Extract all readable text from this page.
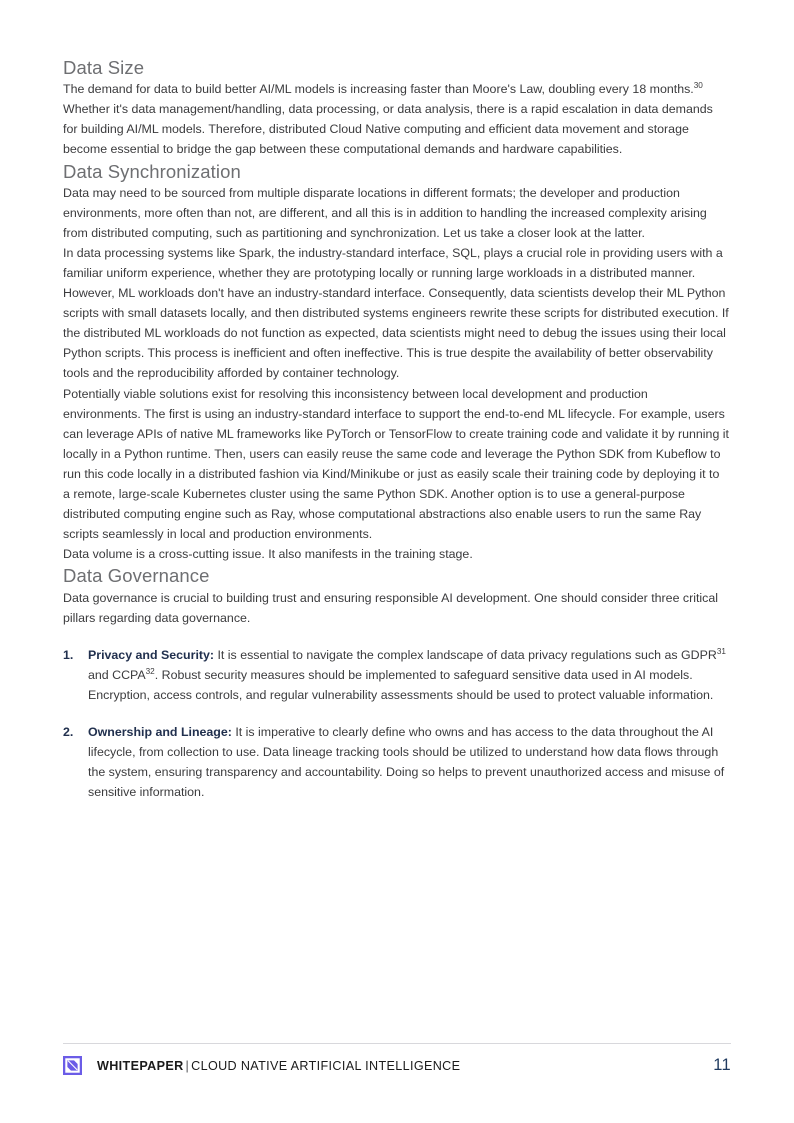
Data Size

The demand for data to build better AI/ML models is increasing faster than Moore's Law, doubling every 18 months.$^{30}$ Whether it's data management/handling, data processing, or data analysis, there is a rapid escalation in data demands for building AI/ML models. Therefore, distributed Cloud Native computing and efficient data movement and storage become essential to bridge the gap between these computational demands and hardware capabilities.

Data Synchronization

Data may need to be sourced from multiple disparate locations in different formats; the developer and production environments, more often than not, are different, and all this is in addition to handling the increased complexity arising from distributed computing, such as partitioning and synchronization. Let us take a closer look at the latter.

In data processing systems like Spark, the industry-standard interface, SQL, plays a crucial role in providing users with a familiar uniform experience, whether they are prototyping locally or running large workloads in a distributed manner. However, ML workloads don't have an industry-standard interface. Consequently, data scientists develop their ML Python scripts with small datasets locally, and then distributed systems engineers rewrite these scripts for distributed execution. If the distributed ML workloads do not function as expected, data scientists might need to debug the issues using their local Python scripts. This process is inefficient and often ineffective. This is true despite the availability of better observability tools and the reproducibility afforded by container technology.

Potentially viable solutions exist for resolving this inconsistency between local development and production environments. The first is using an industry-standard interface to support the end-to-end ML lifecycle. For example, users can leverage APIs of native ML frameworks like PyTorch or TensorFlow to create training code and validate it by running it locally in a Python runtime. Then, users can easily reuse the same code and leverage the Python SDK from Kubeflow to run this code locally in a distributed fashion via Kind/Minikube or just as easily scale their training code by deploying it to a remote, large-scale Kubernetes cluster using the same Python SDK. Another option is to use a general-purpose distributed computing engine such as Ray, whose computational abstractions also enable users to run the same Ray scripts seamlessly in local and production environments.

Data volume is a cross-cutting issue. It also manifests in the training stage.

Data Governance

Data governance is crucial to building trust and ensuring responsible AI development. One should consider three critical pillars regarding data governance.

Privacy and Security: It is essential to navigate the complex landscape of data privacy regulations such as GDPR$^{31}$ and CCPA$^{32}$. Robust security measures should be implemented to safeguard sensitive data used in AI models. Encryption, access controls, and regular vulnerability assessments should be used to protect valuable information.

Ownership and Lineage: It is imperative to clearly define who owns and has access to the data throughout the AI lifecycle, from collection to use. Data lineage tracking tools should be utilized to understand how data flows through the system, ensuring transparency and accountability. Doing so helps to prevent unauthorized access and misuse of sensitive information.

WHITEPAPER | CLOUD NATIVE ARTIFICIAL INTELLIGENCE	11
